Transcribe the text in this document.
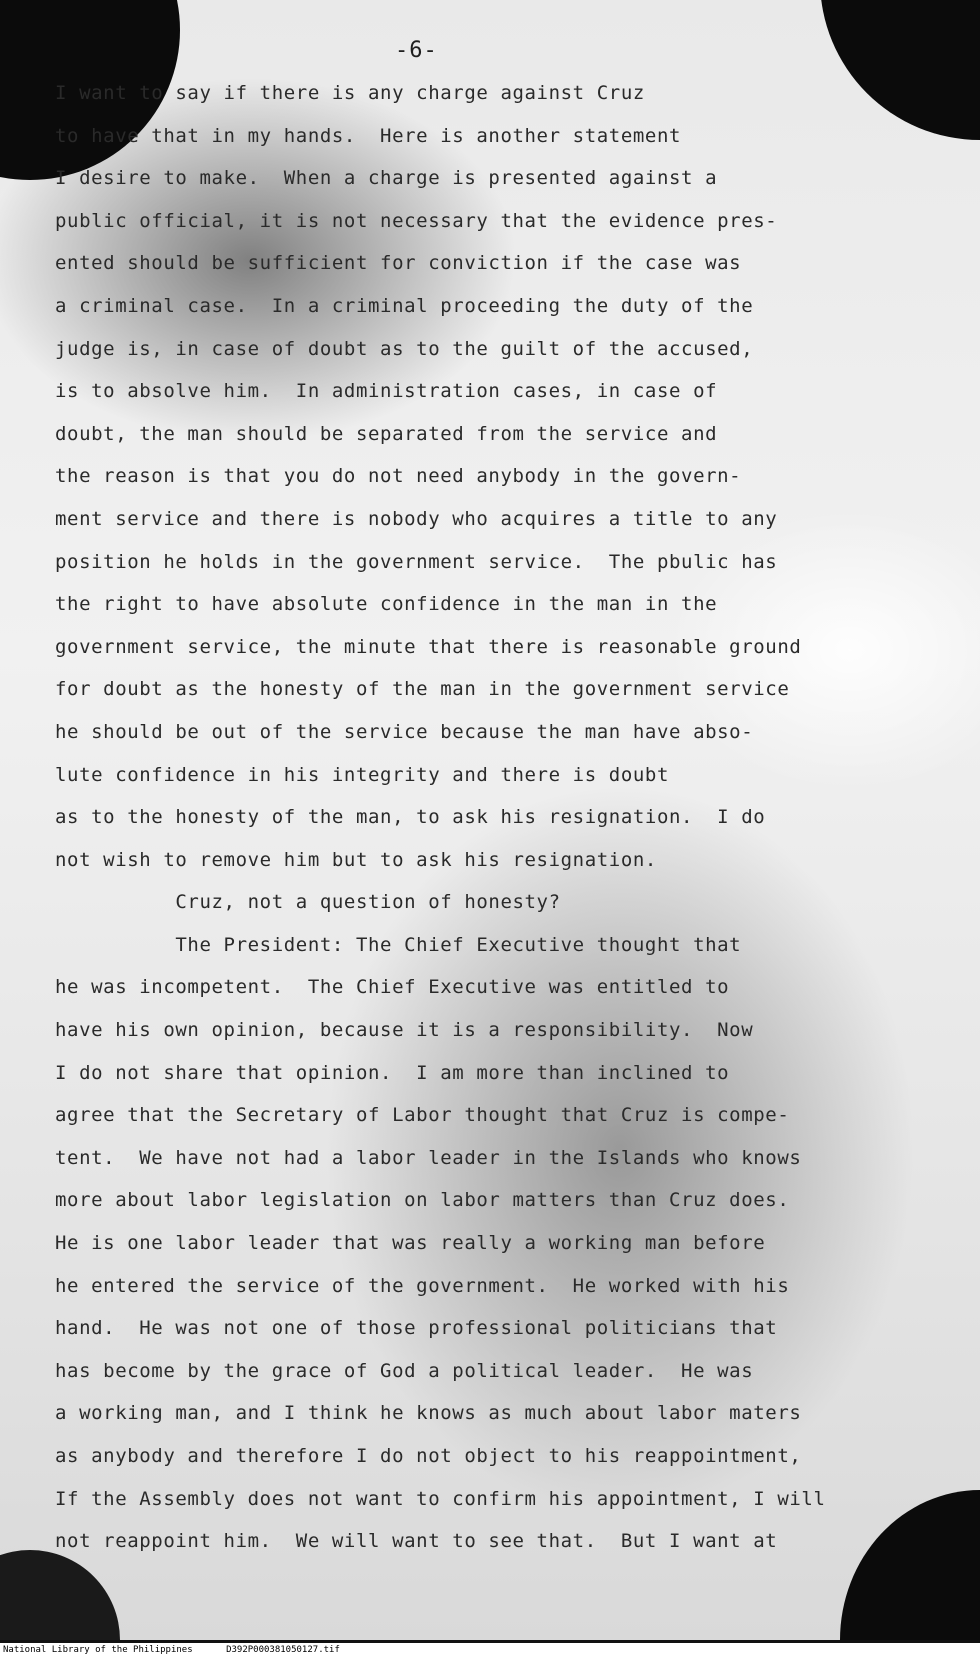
-6-
I want to say if there is any charge against Cruz
to have that in my hands.  Here is another statement
I desire to make.  When a charge is presented against a
public official, it is not necessary that the evidence pres-
ented should be sufficient for conviction if the case was
a criminal case.  In a criminal proceeding the duty of the
judge is, in case of doubt as to the guilt of the accused,
is to absolve him.  In administration cases, in case of
doubt, the man should be separated from the service and
the reason is that you do not need anybody in the govern-
ment service and there is nobody who acquires a title to any
position he holds in the government service.  The pbulic has
the right to have absolute confidence in the man in the
government service, the minute that there is reasonable ground
for doubt as the honesty of the man in the government service
he should be out of the service because the man have abso-
lute confidence in his integrity and there is doubt
as to the honesty of the man, to ask his resignation.  I do
not wish to remove him but to ask his resignation.
Cruz, not a question of honesty?
The President: The Chief Executive thought that
he was incompetent.  The Chief Executive was entitled to
have his own opinion, because it is a responsibility.  Now
I do not share that opinion.  I am more than inclined to
agree that the Secretary of Labor thought that Cruz is compe-
tent.  We have not had a labor leader in the Islands who knows
more about labor legislation on labor matters than Cruz does.
He is one labor leader that was really a working man before
he entered the service of the government.  He worked with his
hand.  He was not one of those professional politicians that
has become by the grace of God a political leader.  He was
a working man, and I think he knows as much about labor maters
as anybody and therefore I do not object to his reappointment,
If the Assembly does not want to confirm his appointment, I will
not reappoint him.  We will want to see that.  But I want at
National Library of the Philippines	D392P000381050127.tif
